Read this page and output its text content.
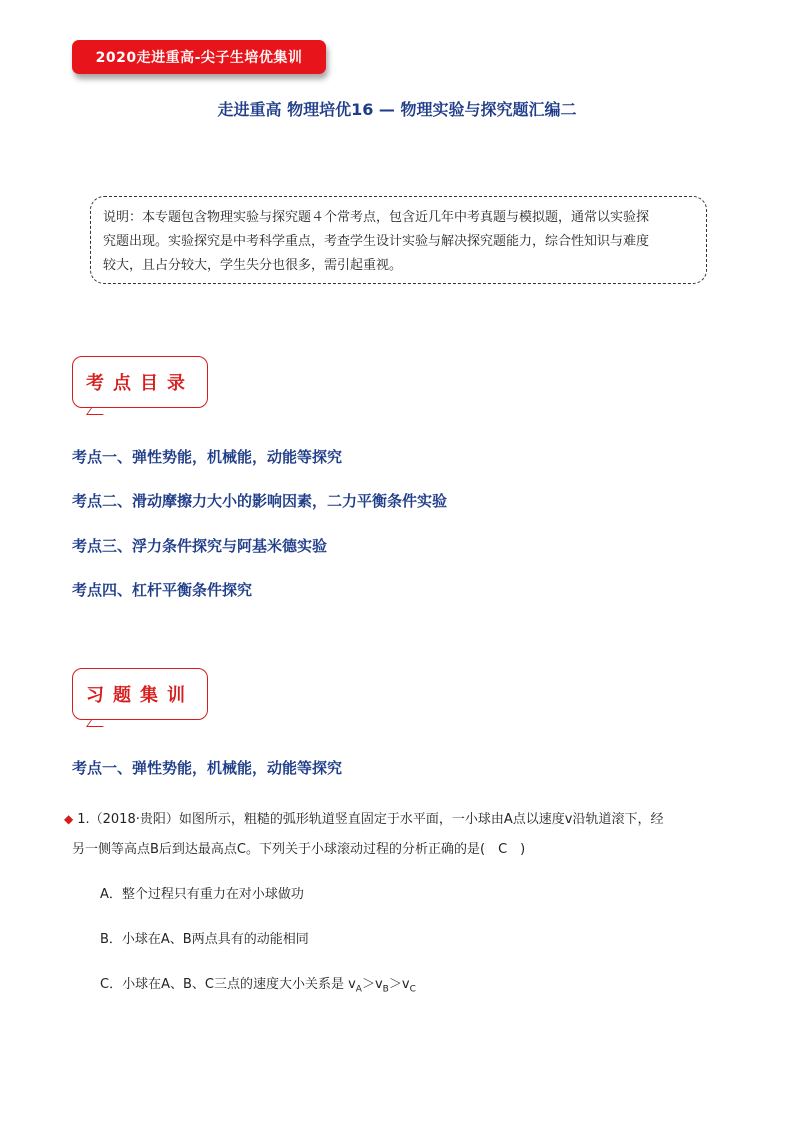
2020走进重高-尖子生培优集训
走进重高 物理培优16 — 物理实验与探究题汇编二
说明：本专题包含物理实验与探究题４个常考点，包含近几年中考真题与模拟题，通常以实验探
究题出现。实验探究是中考科学重点，考查学生设计实验与解决探究题能力，综合性知识与难度
较大，且占分较大，学生失分也很多，需引起重视。
考点目录
考点一、弹性势能，机械能，动能等探究
考点二、滑动摩擦力大小的影响因素，二力平衡条件实验
考点三、浮力条件探究与阿基米德实验
考点四、杠杆平衡条件探究
习题集训
考点一、弹性势能，机械能，动能等探究
◆ 1.（2018·贵阳）如图所示，粗糙的弧形轨道竖直固定于水平面，一小球由A点以速度v沿轨道滚下，经
另一侧等高点B后到达最高点C。下列关于小球滚动过程的分析正确的是(　C　)
A．整个过程只有重力在对小球做功
B．小球在A、B两点具有的动能相同
C．小球在A、B、C三点的速度大小关系是 $v_A>v_B>v_C$
